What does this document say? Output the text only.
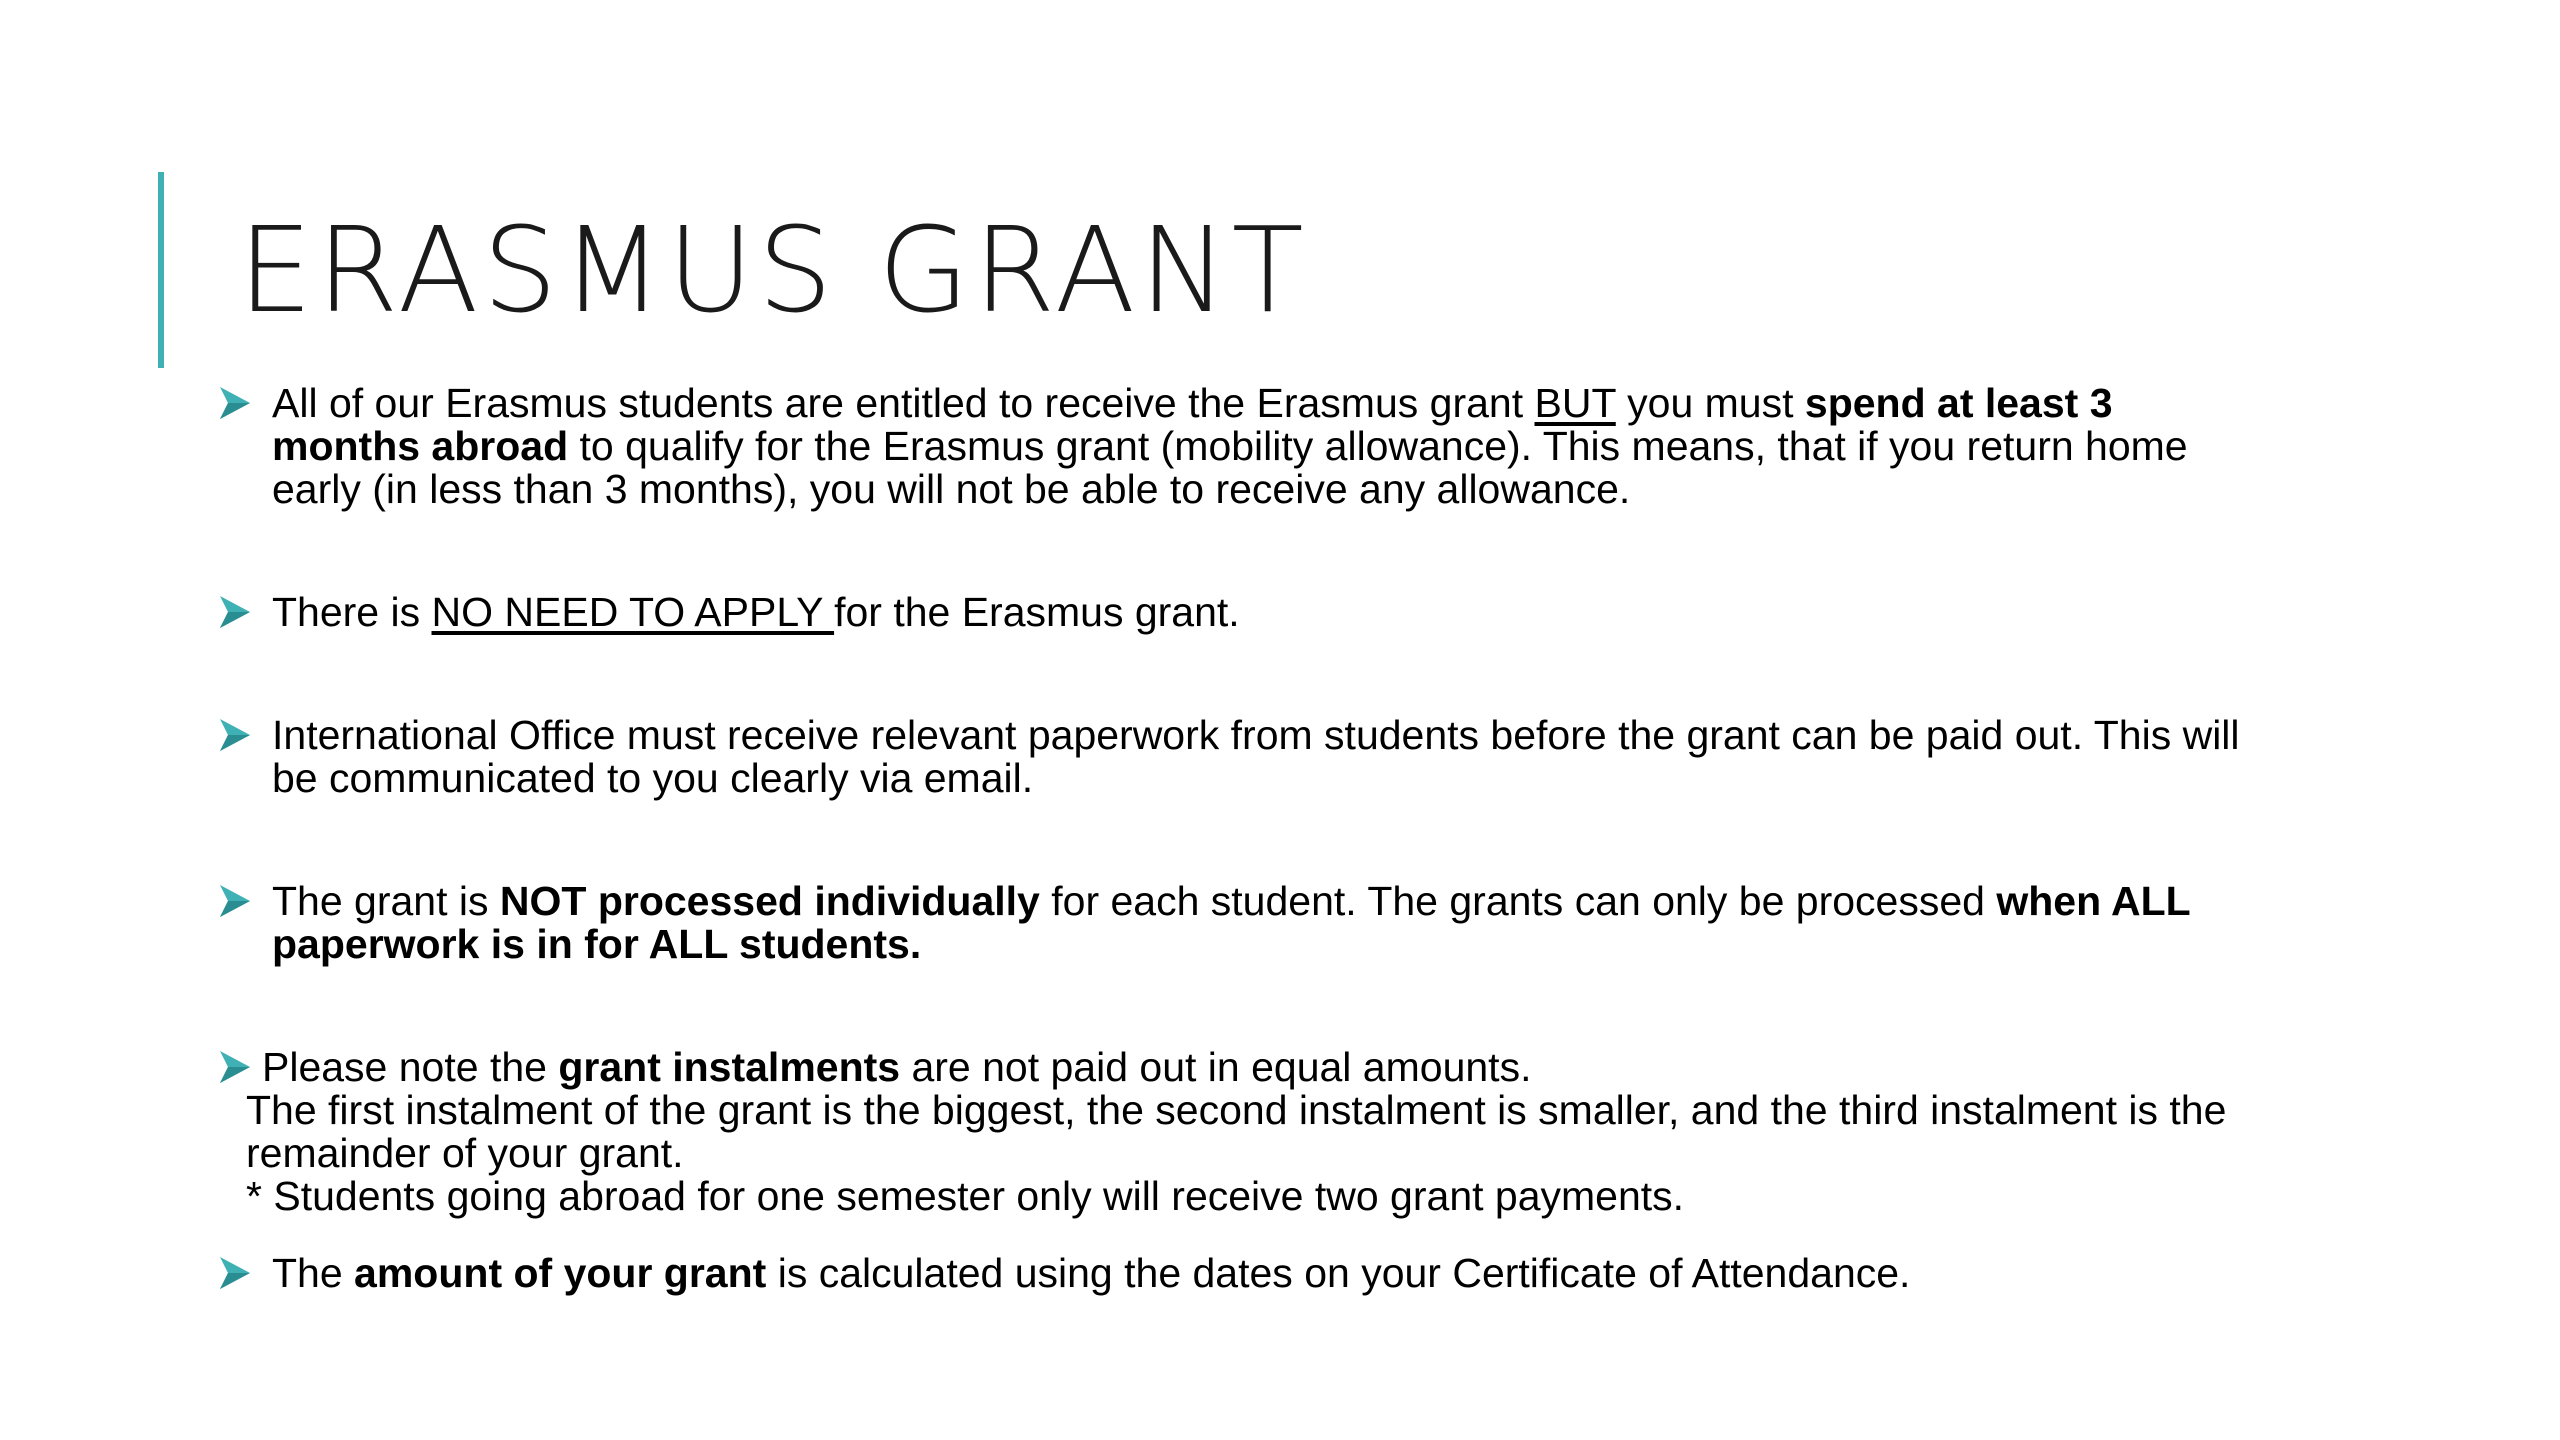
ERASMUS GRANT
All of our Erasmus students are entitled to receive the Erasmus grant BUT you must spend at least 3 months abroad to qualify for the Erasmus grant (mobility allowance). This means, that if you return home early (in less than 3 months), you will not be able to receive any allowance.
There is NO NEED TO APPLY for the Erasmus grant.
International Office must receive relevant paperwork from students before the grant can be paid out. This will be communicated to you clearly via email.
The grant is NOT processed individually for each student. The grants can only be processed when ALL paperwork is in for ALL students.
Please note the grant instalments are not paid out in equal amounts.
The first instalment of the grant is the biggest, the second instalment is smaller, and the third instalment is the remainder of your grant.
* Students going abroad for one semester only will receive two grant payments.
The amount of your grant is calculated using the dates on your Certificate of Attendance.
